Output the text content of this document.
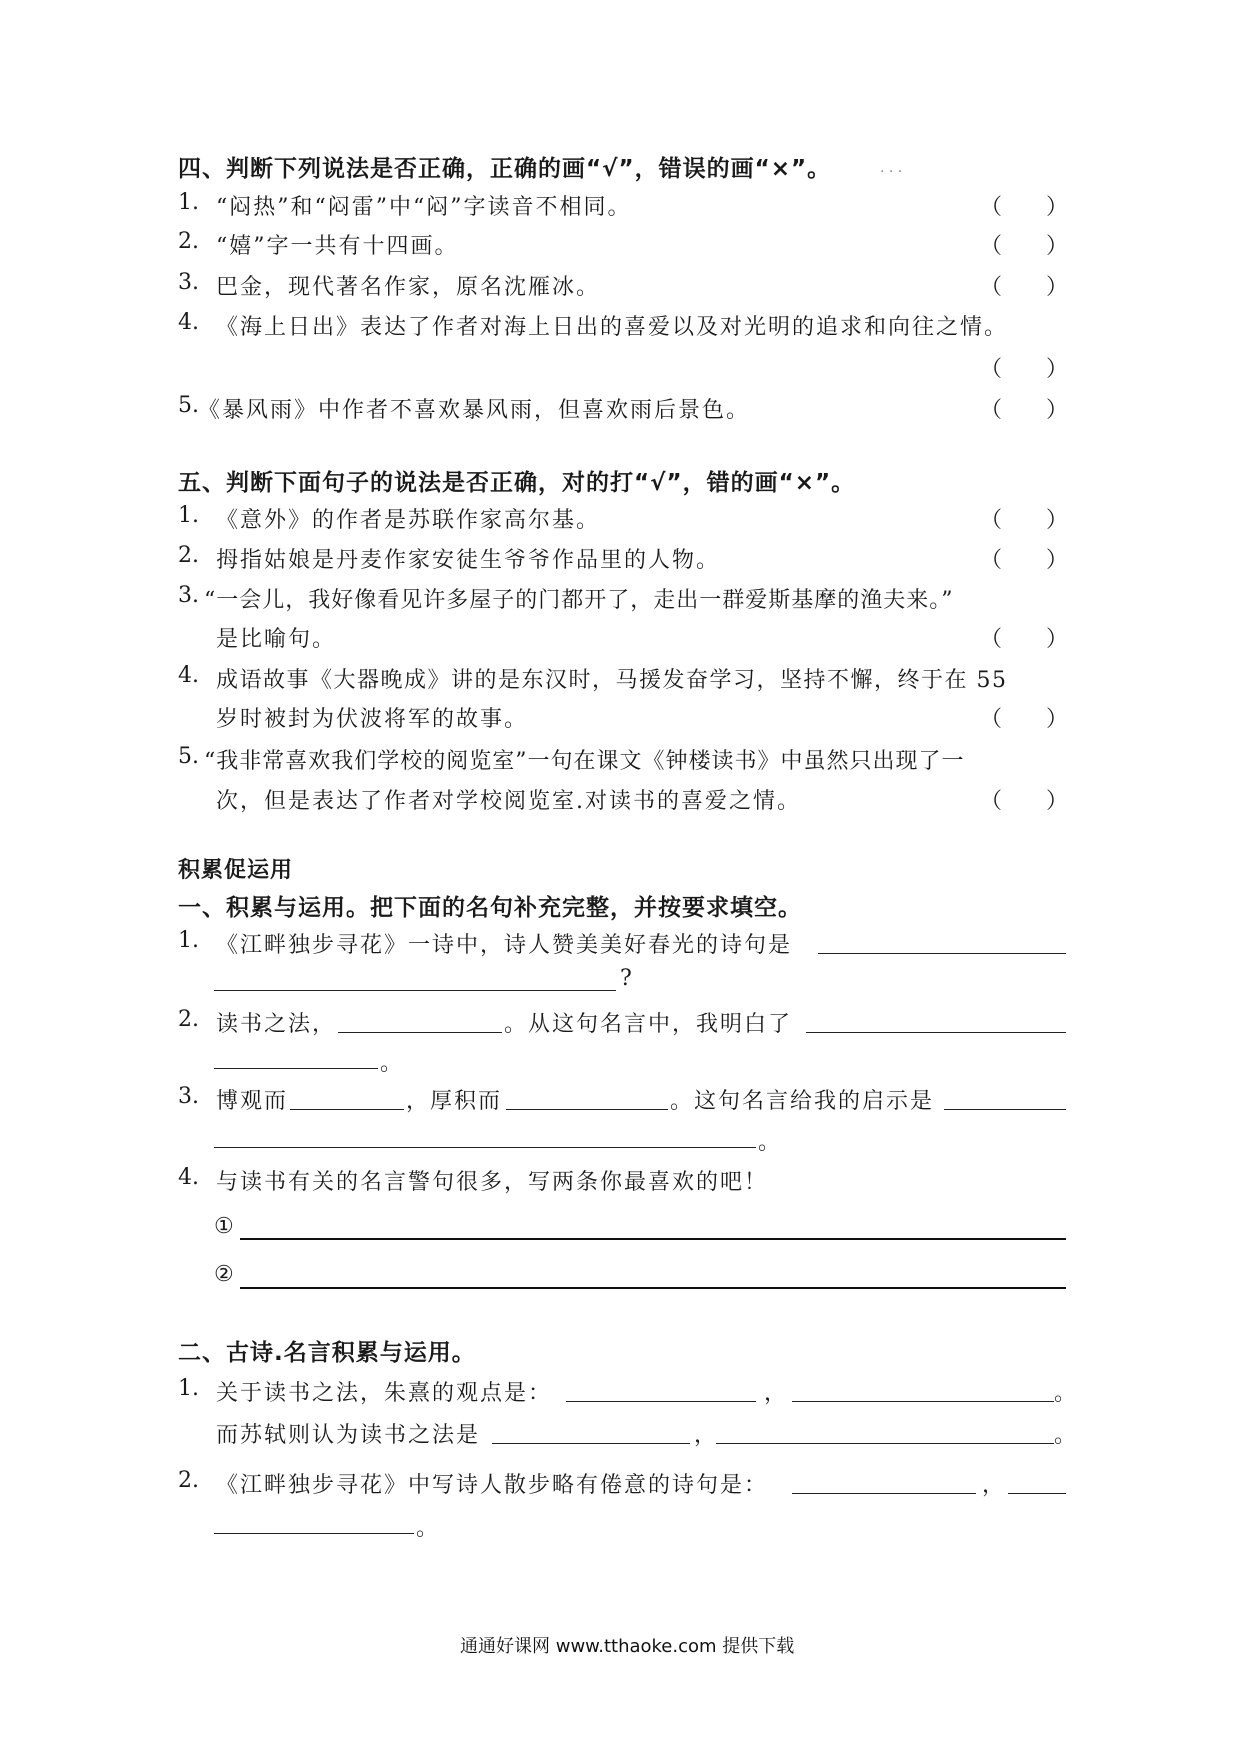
四、判断下列说法是否正确，正确的画“√”，错误的画“×”。	. . .
1. “闷热”和“闷雷”中“闷”字读音不相同。	（ ）
2. “嬉”字一共有十四画。	（ ）
3. 巴金，现代著名作家，原名沈雁冰。	（ ）
4. 《海上日出》表达了作者对海上日出的喜爱以及对光明的追求和向往之情。
（ ）
5. 《暴风雨》中作者不喜欢暴风雨，但喜欢雨后景色。	（ ）
五、判断下面句子的说法是否正确，对的打“√”，错的画“×”。
1. 《意外》的作者是苏联作家高尔基。	（ ）
2. 拇指姑娘是丹麦作家安徒生爷爷作品里的人物。	（ ）
3. “一会儿，我好像看见许多屋子的门都开了，走出一群爱斯基摩的渔夫来。”
是比喻句。	（ ）
4. 成语故事《大器晚成》讲的是东汉时，马援发奋学习，坚持不懈，终于在 55
岁时被封为伏波将军的故事。	（ ）
5. “我非常喜欢我们学校的阅览室”一句在课文《钟楼读书》中虽然只出现了一
次，但是表达了作者对学校阅览室.对读书的喜爱之情。	（ ）
积累促运用
一、积累与运用。把下面的名句补充完整，并按要求填空。
1. 《江畔独步寻花》一诗中，诗人赞美美好春光的诗句是
?
2. 读书之法，	。从这句名言中，我明白了
。
3. 博观而	，厚积而	。这句名言给我的启示是
。
4. 与读书有关的名言警句很多，写两条你最喜欢的吧！
①
②
二、古诗.名言积累与运用。
1. 关于读书之法，朱熹的观点是：	，	。
而苏轼则认为读书之法是	，	。
2. 《江畔独步寻花》中写诗人散步略有倦意的诗句是：	，
。
通通好课网 www.tthaoke.com 提供下载
